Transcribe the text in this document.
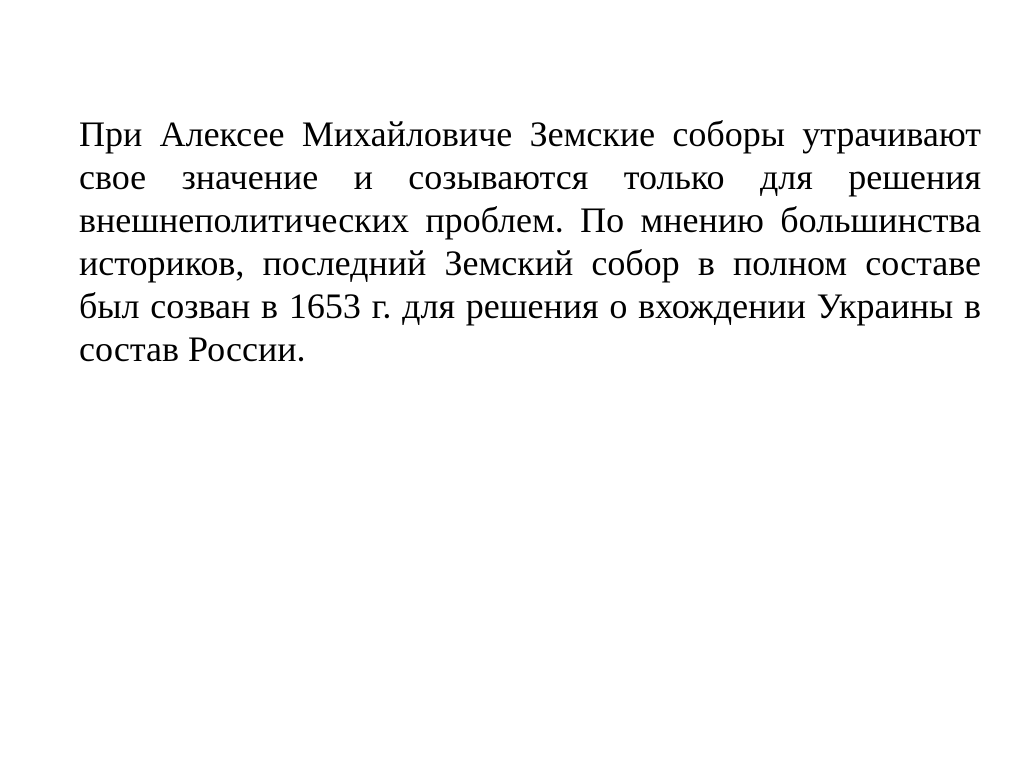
При Алексее Михайловиче Земские соборы утрачивают свое значение и созываются только для решения внешнеполитических проблем. По мнению большинства историков, последний Земский собор в полном составе был созван в 1653 г. для решения о вхождении Украины в состав России.
